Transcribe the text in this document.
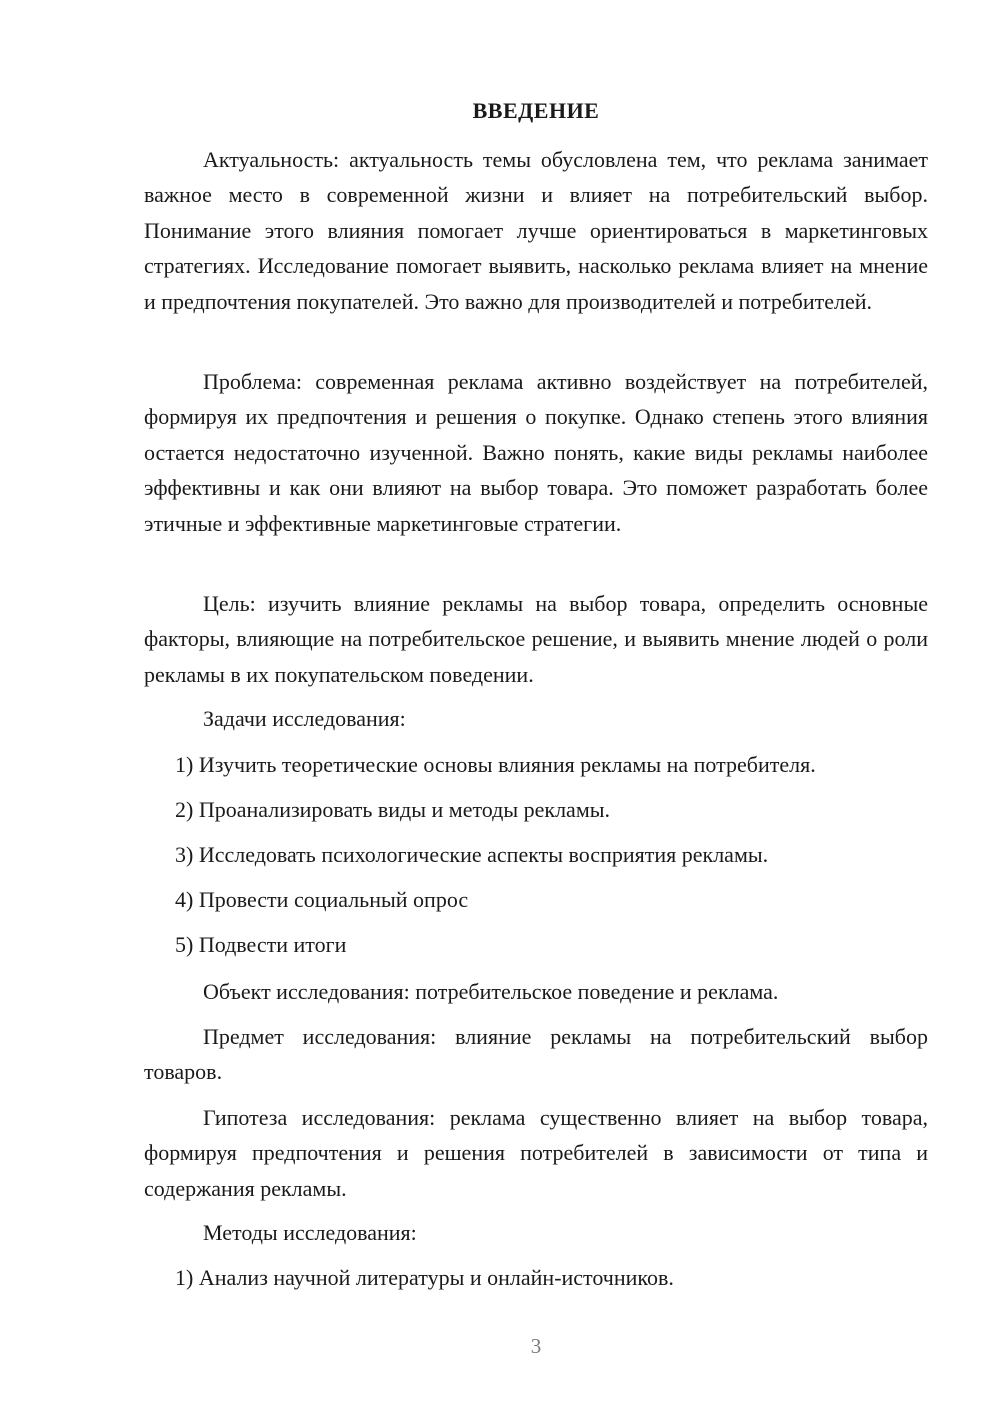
ВВЕДЕНИЕ

Актуальность: актуальность темы обусловлена тем, что реклама занимает важное место в современной жизни и влияет на потребительский выбор. Понимание этого влияния помогает лучше ориентироваться в маркетинговых стратегиях. Исследование помогает выявить, насколько реклама влияет на мнение и предпочтения покупателей. Это важно для производителей и потребителей.

Проблема: современная реклама активно воздействует на потребителей, формируя их предпочтения и решения о покупке. Однако степень этого влияния остается недостаточно изученной. Важно понять, какие виды рекламы наиболее эффективны и как они влияют на выбор товара. Это поможет разработать более этичные и эффективные маркетинговые стратегии.

Цель: изучить влияние рекламы на выбор товара, определить основные факторы, влияющие на потребительское решение, и выявить мнение людей о роли рекламы в их покупательском поведении.

Задачи исследования:

1) Изучить теоретические основы влияния рекламы на потребителя.

2) Проанализировать виды и методы рекламы.

3) Исследовать психологические аспекты восприятия рекламы.

4) Провести социальный опрос

5) Подвести итоги

Объект исследования: потребительское поведение и реклама.

Предмет исследования: влияние рекламы на потребительский выбор товаров.

Гипотеза исследования: реклама существенно влияет на выбор товара, формируя предпочтения и решения потребителей в зависимости от типа и содержания рекламы.

Методы исследования:

1) Анализ научной литературы и онлайн-источников.

3
